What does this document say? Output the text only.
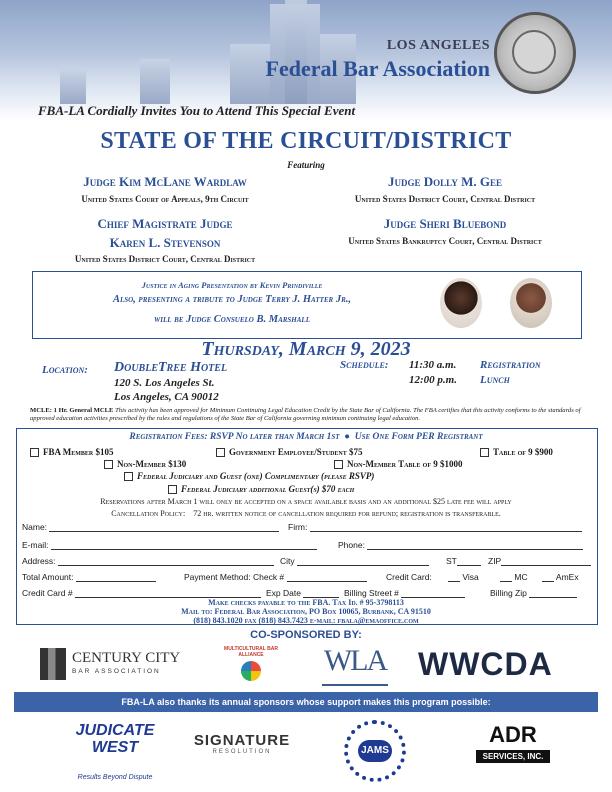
LOS ANGELES
Federal Bar Association
FBA-LA Cordially Invites You to Attend This Special Event
STATE OF THE CIRCUIT/DISTRICT
Featuring
Judge Kim McLane Wardlaw
United States Court of Appeals, 9th Circuit
Judge Dolly M. Gee
United States District Court, Central District
Chief Magistrate Judge
Karen L. Stevenson
United States District Court, Central District
Judge Sheri Bluebond
United States Bankruptcy Court, Central District
Justice in Aging Presentation by Kevin Prindiville
Also, presenting a tribute to Judge Terry J. Hatter Jr.,
will be Judge Consuelo B. Marshall
Thursday, March 9, 2023
Location: DoubleTree Hotel
120 S. Los Angeles St.
Los Angeles, CA 90012
Schedule: 11:30 a.m. Registration
12:00 p.m. Lunch
MCLE: 1 Hr. General MCLE This activity has been approved for Minimum Continuing Legal Education Credit by the State Bar of California. The FBA certifies that this activity conforms to the standards of approved education activities prescribed by the rules and regulations of the State Bar of California governing minimum continuing legal education.
Registration Fees: RSVP No later than March 1st  ●  Use One Form PER Registrant
FBA Member $105	Government Employee/Student $75	Table of 9 $900
Non-Member $130	Non-Member Table of 9 $1000
Federal Judiciary and Guest (one) Complimentary (please RSVP)
Federal Judiciary additional Guest(s) $70 each
Reservations after March 1 will only be accepted on a space available basis and an additional $25 late fee will apply
Cancellation Policy: 72 hr. written notice of cancellation required for refund; registration is transferable.
Name:	Firm:
E-mail:	Phone:
Address:	City	ST	ZIP
Total Amount:	Payment Method: Check #	Credit Card:	Visa	MC	AmEx
Credit Card #	Exp Date	Billing Street #	Billing Zip
Make checks payable to the FBA. Tax Id. # 95-3798113
Mail to: Federal Bar Association, PO Box 10065, Burbank, CA 91510
(818) 843.1020 fax (818) 843.7423 e-mail: fbala@emaoffice.com
CO-SPONSORED BY:
CENTURY CITY
BAR ASSOCIATION
MULTICULTURAL BAR ALLIANCE	WLA WWCDA
FBA-LA also thanks its annual sponsors whose support makes this program possible:
JUDICATE WEST
Results Beyond Dispute
SIGNATURE
RESOLUTION	JAMS
ADR
SERVICES, INC.
